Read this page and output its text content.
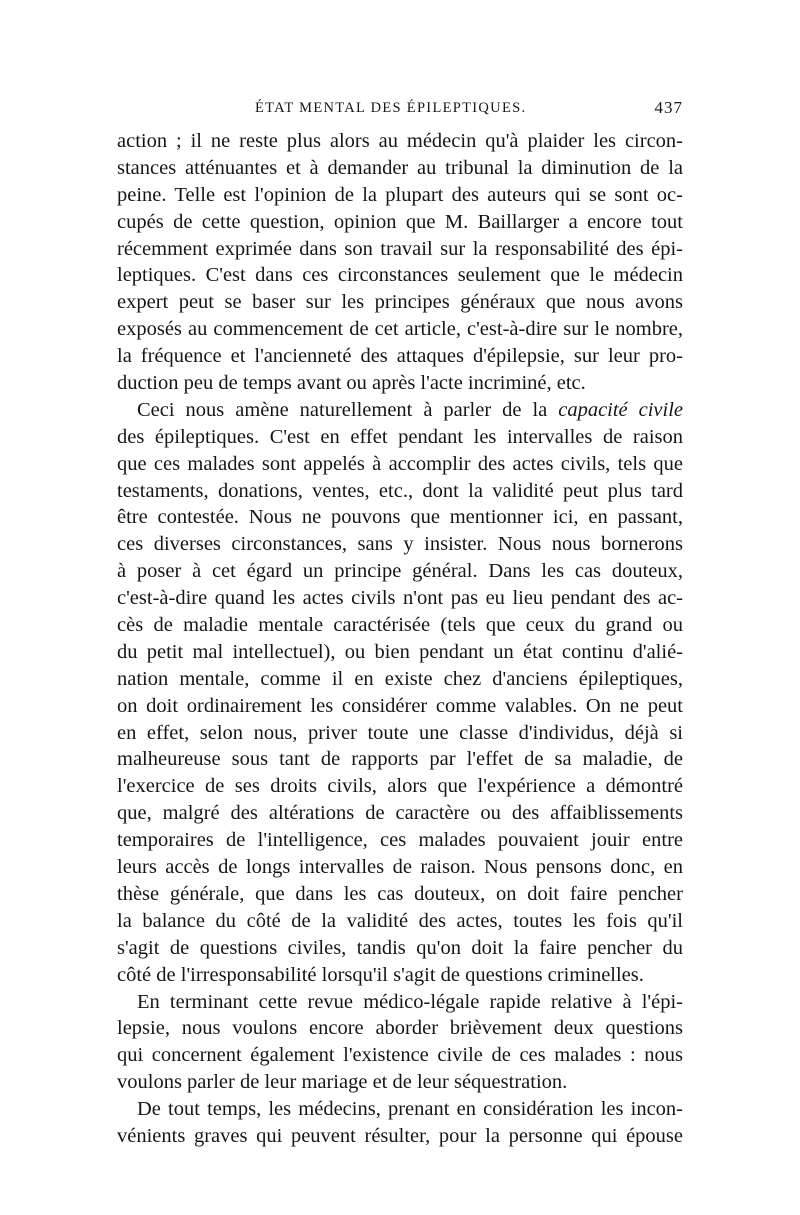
ÉTAT MENTAL DES ÉPILEPTIQUES.	437
action ; il ne reste plus alors au médecin qu'à plaider les circon-
stances atténuantes et à demander au tribunal la diminution de la
peine. Telle est l'opinion de la plupart des auteurs qui se sont oc-
cupés de cette question, opinion que M. Baillarger a encore tout
récemment exprimée dans son travail sur la responsabilité des épi-
leptiques. C'est dans ces circonstances seulement que le médecin
expert peut se baser sur les principes généraux que nous avons
exposés au commencement de cet article, c'est-à-dire sur le nombre,
la fréquence et l'ancienneté des attaques d'épilepsie, sur leur pro-
duction peu de temps avant ou après l'acte incriminé, etc.
Ceci nous amène naturellement à parler de la capacité civile
des épileptiques. C'est en effet pendant les intervalles de raison
que ces malades sont appelés à accomplir des actes civils, tels que
testaments, donations, ventes, etc., dont la validité peut plus tard
être contestée. Nous ne pouvons que mentionner ici, en passant,
ces diverses circonstances, sans y insister. Nous nous bornerons
à poser à cet égard un principe général. Dans les cas douteux,
c'est-à-dire quand les actes civils n'ont pas eu lieu pendant des ac-
cès de maladie mentale caractérisée (tels que ceux du grand ou
du petit mal intellectuel), ou bien pendant un état continu d'alié-
nation mentale, comme il en existe chez d'anciens épileptiques,
on doit ordinairement les considérer comme valables. On ne peut
en effet, selon nous, priver toute une classe d'individus, déjà si
malheureuse sous tant de rapports par l'effet de sa maladie, de
l'exercice de ses droits civils, alors que l'expérience a démontré
que, malgré des altérations de caractère ou des affaiblissements
temporaires de l'intelligence, ces malades pouvaient jouir entre
leurs accès de longs intervalles de raison. Nous pensons donc, en
thèse générale, que dans les cas douteux, on doit faire pencher
la balance du côté de la validité des actes, toutes les fois qu'il
s'agit de questions civiles, tandis qu'on doit la faire pencher du
côté de l'irresponsabilité lorsqu'il s'agit de questions criminelles.
En terminant cette revue médico-légale rapide relative à l'épi-
lepsie, nous voulons encore aborder brièvement deux questions
qui concernent également l'existence civile de ces malades : nous
voulons parler de leur mariage et de leur séquestration.
De tout temps, les médecins, prenant en considération les incon-
vénients graves qui peuvent résulter, pour la personne qui épouse
